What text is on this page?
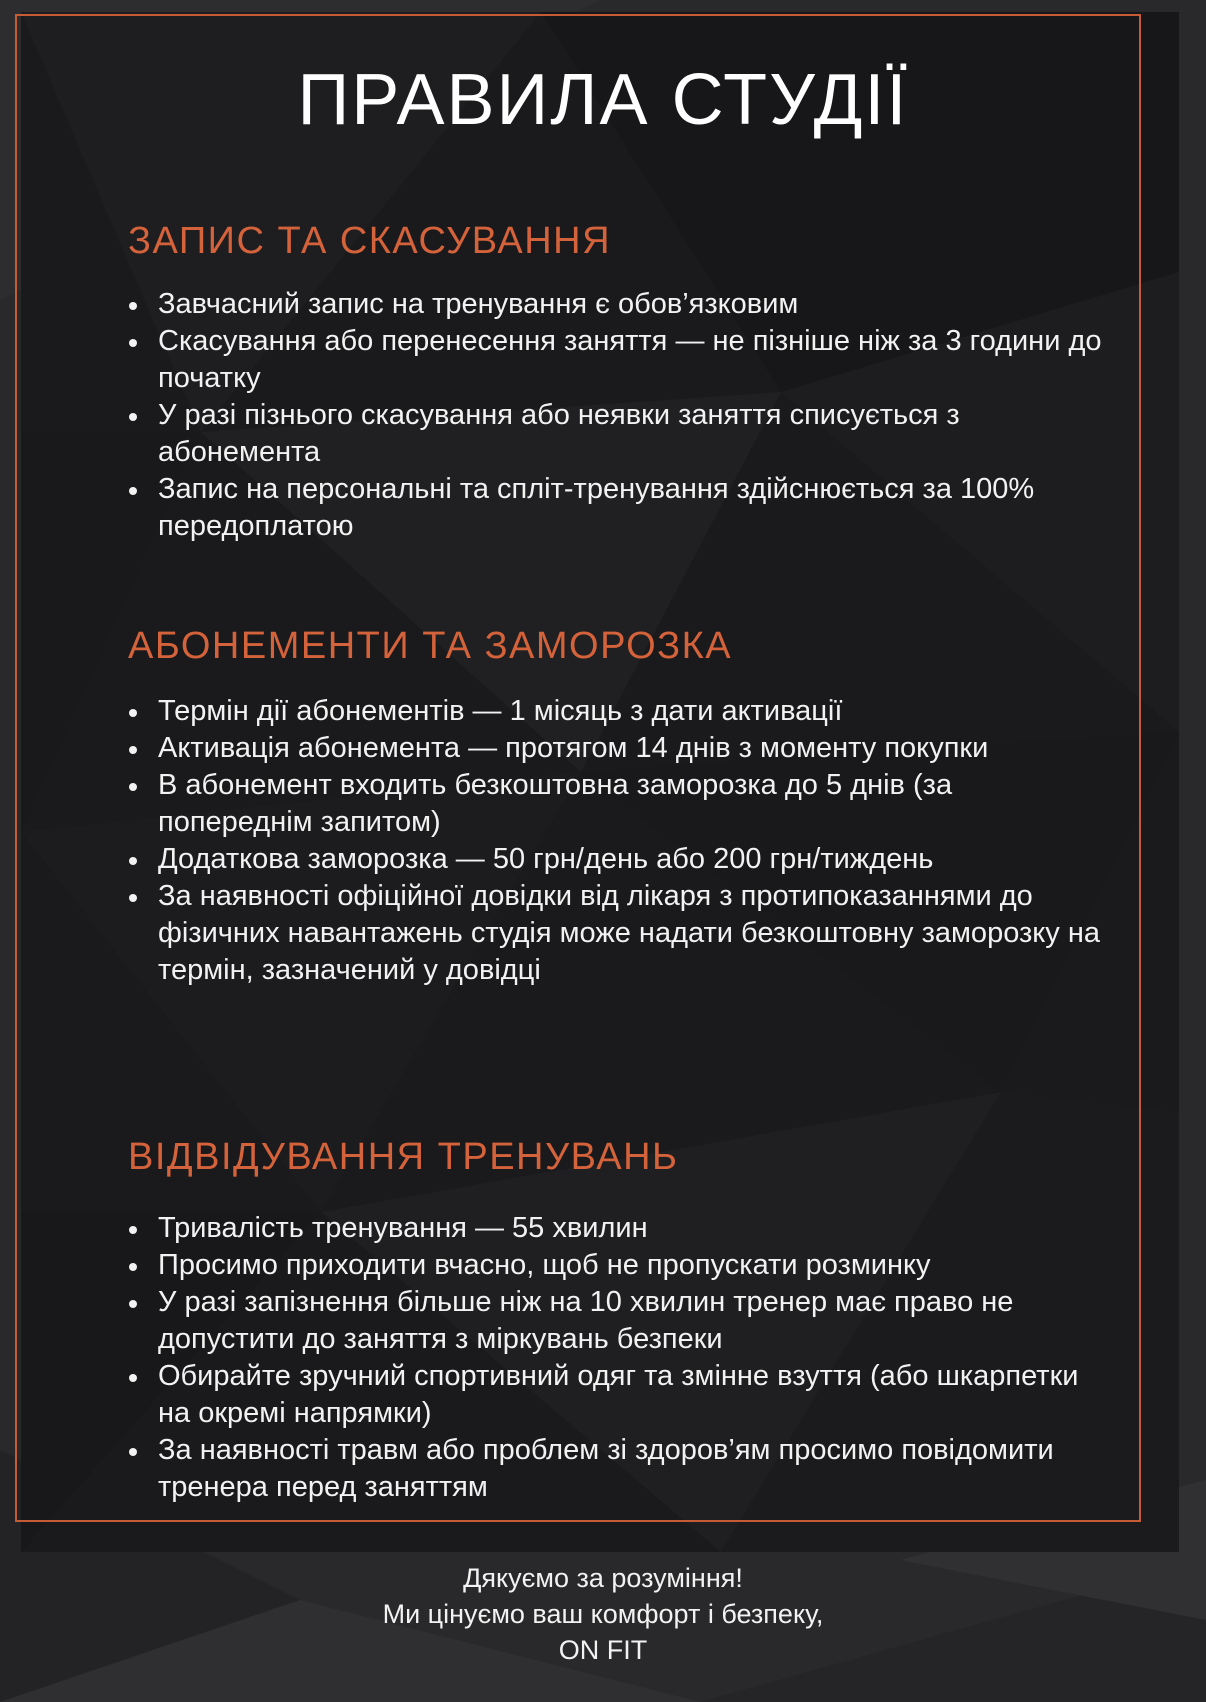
ПРАВИЛА СТУДІЇ
ЗАПИС ТА СКАСУВАННЯ
Завчасний запис на тренування є обов’язковим
Скасування або перенесення заняття — не пізніше ніж за 3 години до початку
У разі пізнього скасування або неявки заняття списується з абонемента
Запис на персональні та спліт-тренування здійснюється за 100% передоплатою
АБОНЕМЕНТИ ТА ЗАМОРОЗКА
Термін дії абонементів — 1 місяць з дати активації
Активація абонемента — протягом 14 днів з моменту покупки
В абонемент входить безкоштовна заморозка до 5 днів (за попереднім запитом)
Додаткова заморозка — 50 грн/день або 200 грн/тиждень
За наявності офіційної довідки від лікаря з протипоказаннями до фізичних навантажень студія може надати безкоштовну заморозку на термін, зазначений у довідці
ВІДВІДУВАННЯ ТРЕНУВАНЬ
Тривалість тренування — 55 хвилин
Просимо приходити вчасно, щоб не пропускати розминку
У разі запізнення більше ніж на 10 хвилин тренер має право не допустити до заняття з міркувань безпеки
Обирайте зручний спортивний одяг та змінне взуття (або шкарпетки на окремі напрямки)
За наявності травм або проблем зі здоров’ям просимо повідомити тренера перед заняттям
Дякуємо за розуміння!
Ми цінуємо ваш комфорт і безпеку,
ON FIT
